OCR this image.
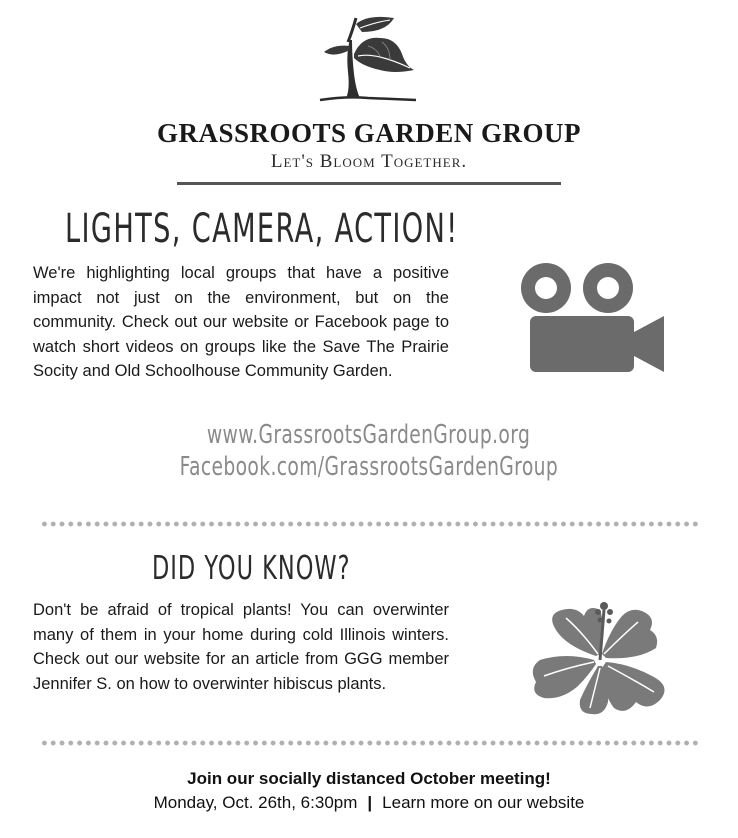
GRASSROOTS GARDEN GROUP
Let's Bloom Together.
LIGHTS, CAMERA, ACTION!

We're highlighting local groups that have a positive impact not just on the environment, but on the community. Check out our website or Facebook page to watch short videos on groups like the Save The Prairie Socity and Old Schoolhouse Community Garden.

www.GrassrootsGardenGroup.org
Facebook.com/GrassrootsGardenGroup
DID YOU KNOW?

Don't be afraid of tropical plants! You can overwinter many of them in your home during cold Illinois winters. Check out our website for an article from GGG member Jennifer S. on how to overwinter hibiscus plants.

Join our socially distanced October meeting!
Monday, Oct. 26th, 6:30pm | Learn more on our website
